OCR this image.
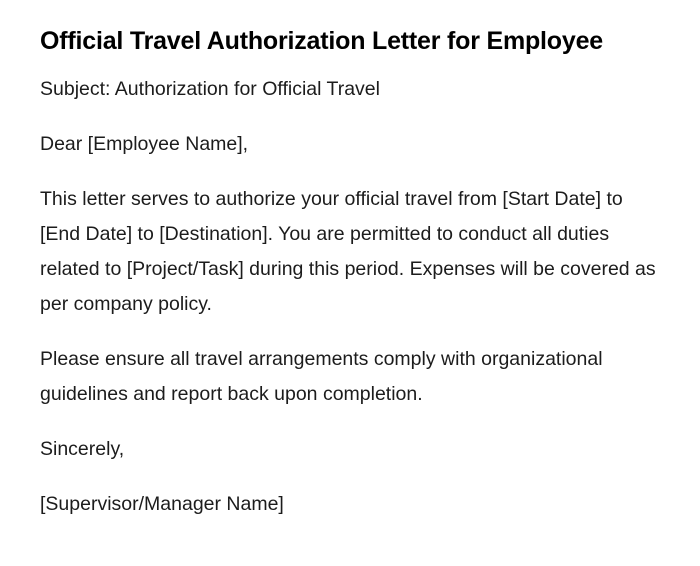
Official Travel Authorization Letter for Employee

Subject: Authorization for Official Travel

Dear [Employee Name],

This letter serves to authorize your official travel from [Start Date] to [End Date] to [Destination]. You are permitted to conduct all duties related to [Project/Task] during this period. Expenses will be covered as per company policy.

Please ensure all travel arrangements comply with organizational guidelines and report back upon completion.

Sincerely,

[Supervisor/Manager Name]
